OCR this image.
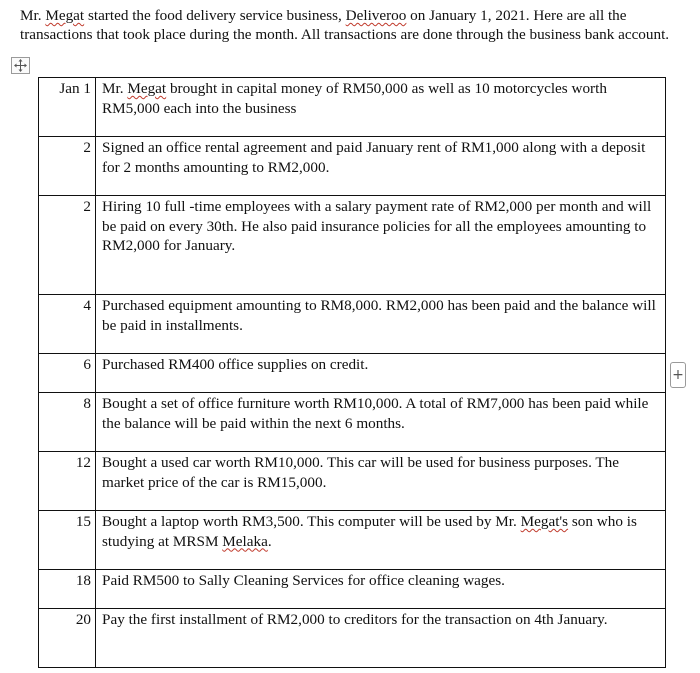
Mr. Megat started the food delivery service business, Deliveroo on January 1, 2021. Here are all the transactions that took place during the month. All transactions are done through the business bank account.

Jan 1	Mr. Megat brought in capital money of RM50,000 as well as 10 motorcycles worth RM5,000 each into the business
2	Signed an office rental agreement and paid January rent of RM1,000 along with a deposit for 2 months amounting to RM2,000.
2	Hiring 10 full -time employees with a salary payment rate of RM2,000 per month and will be paid on every 30th. He also paid insurance policies for all the employees amounting to RM2,000 for January.
4	Purchased equipment amounting to RM8,000. RM2,000 has been paid and the balance will be paid in installments.
6	Purchased RM400 office supplies on credit.
8	Bought a set of office furniture worth RM10,000. A total of RM7,000 has been paid while the balance will be paid within the next 6 months.
12	Bought a used car worth RM10,000. This car will be used for business purposes. The market price of the car is RM15,000.
15	Bought a laptop worth RM3,500. This computer will be used by Mr. Megat's son who is studying at MRSM Melaka.
18	Paid RM500 to Sally Cleaning Services for office cleaning wages.
20	Pay the first installment of RM2,000 to creditors for the transaction on 4th January.
+
